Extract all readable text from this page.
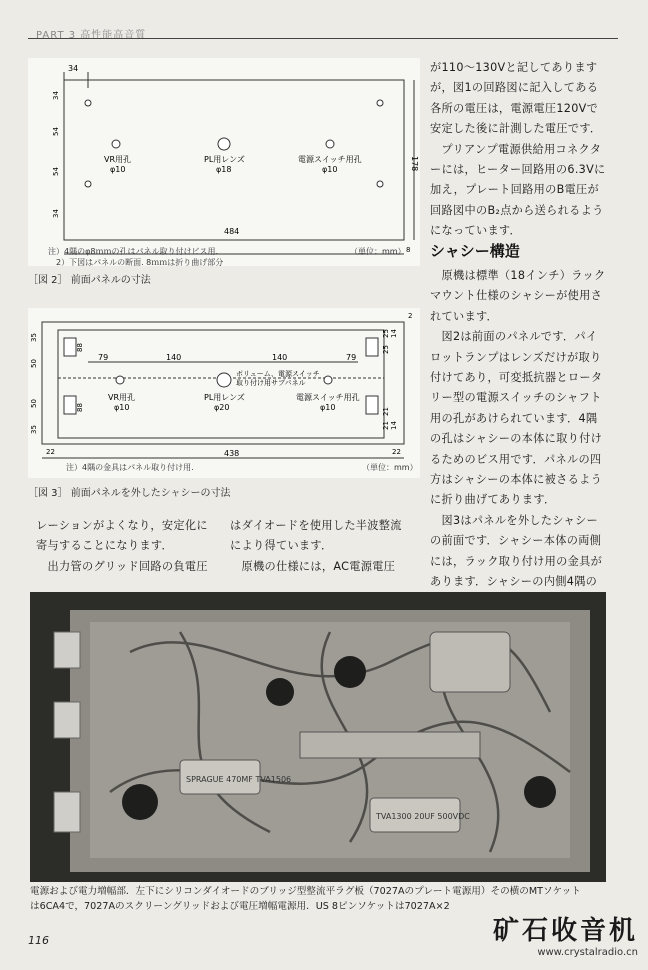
PART 3 高性能高音質
34
34
54
54
34
178
8
VR用孔
φ10
PL用レンズ
φ18
電源スイッチ用孔
φ10
484
注）4隅のφ8ｍｍの孔はパネル取り付けビス用.
2）下図はパネルの断面. 8ｍｍは折り曲げ部分
（単位：mm）
［図 2］ 前面パネルの寸法
35
50
50
35
88
88
25 14
21 14
21
25
2
79	140	140	79
VR用孔
φ10
PL用レンズ
φ20
ボリューム、電源スイッチ
取り付け用サブパネル
電源スイッチ用孔
φ10
22	438	22
注）4隅の金具はパネル取り付け用.	（単位：mm）
［図 3］ 前面パネルを外したシャシーの寸法

が110～130Vと記してありますが，図1の回路図に記入してある各所の電圧は，電源電圧120Vで安定した後に計測した電圧です．

　プリアンプ電源供給用コネクターには，ヒーター回路用の6.3Vに加え，プレート回路用のB電圧が回路図中のB₂点から送られるようになっています．

シャシー構造

　原機は標準（18インチ）ラックマウント仕様のシャシーが使用されています．

　図2は前面のパネルです．パイロットランプはレンズだけが取り付けてあり，可変抵抗器とロータリー型の電源スイッチのシャフト用の孔があけられています．4隅の孔はシャシーの本体に取り付けるためのビス用です．パネルの四方はシャシーの本体に被さるように折り曲げてあります．

　図3はパネルを外したシャシーの前面です．シャシー本体の両側には，ラック取り付け用の金具があります．シャシーの内側4隅の

レーションがよくなり，安定化に寄与することになります．
　出力管のグリッド回路の負電圧

はダイオードを使用した半波整流により得ています．
　原機の仕様には，AC電源電圧

SPRAGUE 470MF TVA1506
TVA1300 20UF 500VDC
電源および電力増幅部．左下にシリコンダイオードのブリッジ型整流平ラグ板（7027Aのプレート電源用）その横のMTソケットは6CA4で，7027Aのスクリーングリッドおよび電圧増幅電源用．US 8ピンソケットは7027A×2
116	矿石收音机
www.crystalradio.cn
